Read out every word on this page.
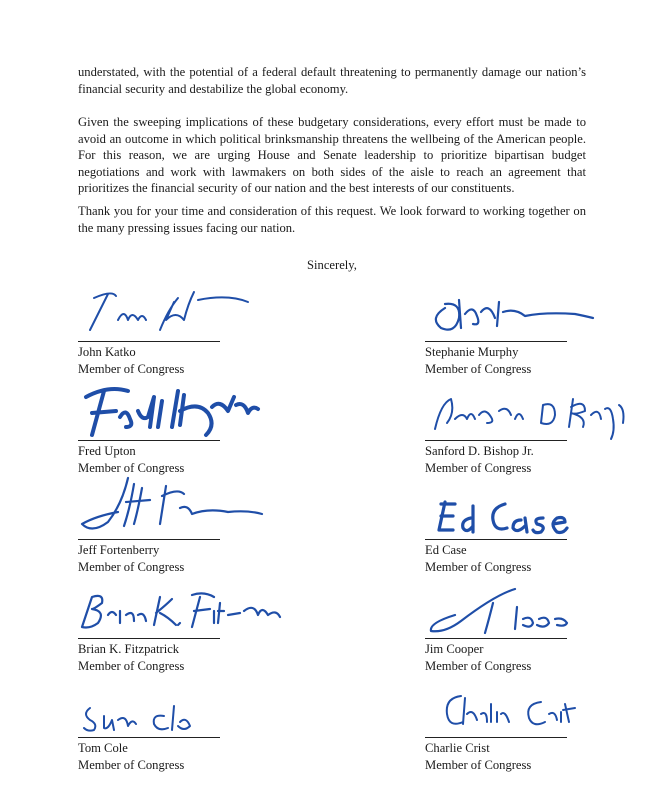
understated, with the potential of a federal default threatening to permanently damage our nation’s financial security and destabilize the global economy.

Given the sweeping implications of these budgetary considerations, every effort must be made to avoid an outcome in which political brinksmanship threatens the wellbeing of the American people. For this reason, we are urging House and Senate leadership to prioritize bipartisan budget negotiations and work with lawmakers on both sides of the aisle to reach an agreement that prioritizes the financial security of our nation and the best interests of our constituents.

Thank you for your time and consideration of this request. We look forward to working together on the many pressing issues facing our nation.

Sincerely,
John Katko
Member of Congress
Stephanie Murphy
Member of Congress
Fred Upton
Member of Congress
Sanford D. Bishop Jr.
Member of Congress
Jeff Fortenberry
Member of Congress
Ed Case
Member of Congress
Brian K. Fitzpatrick
Member of Congress
Jim Cooper
Member of Congress
Tom Cole
Member of Congress
Charlie Crist
Member of Congress
